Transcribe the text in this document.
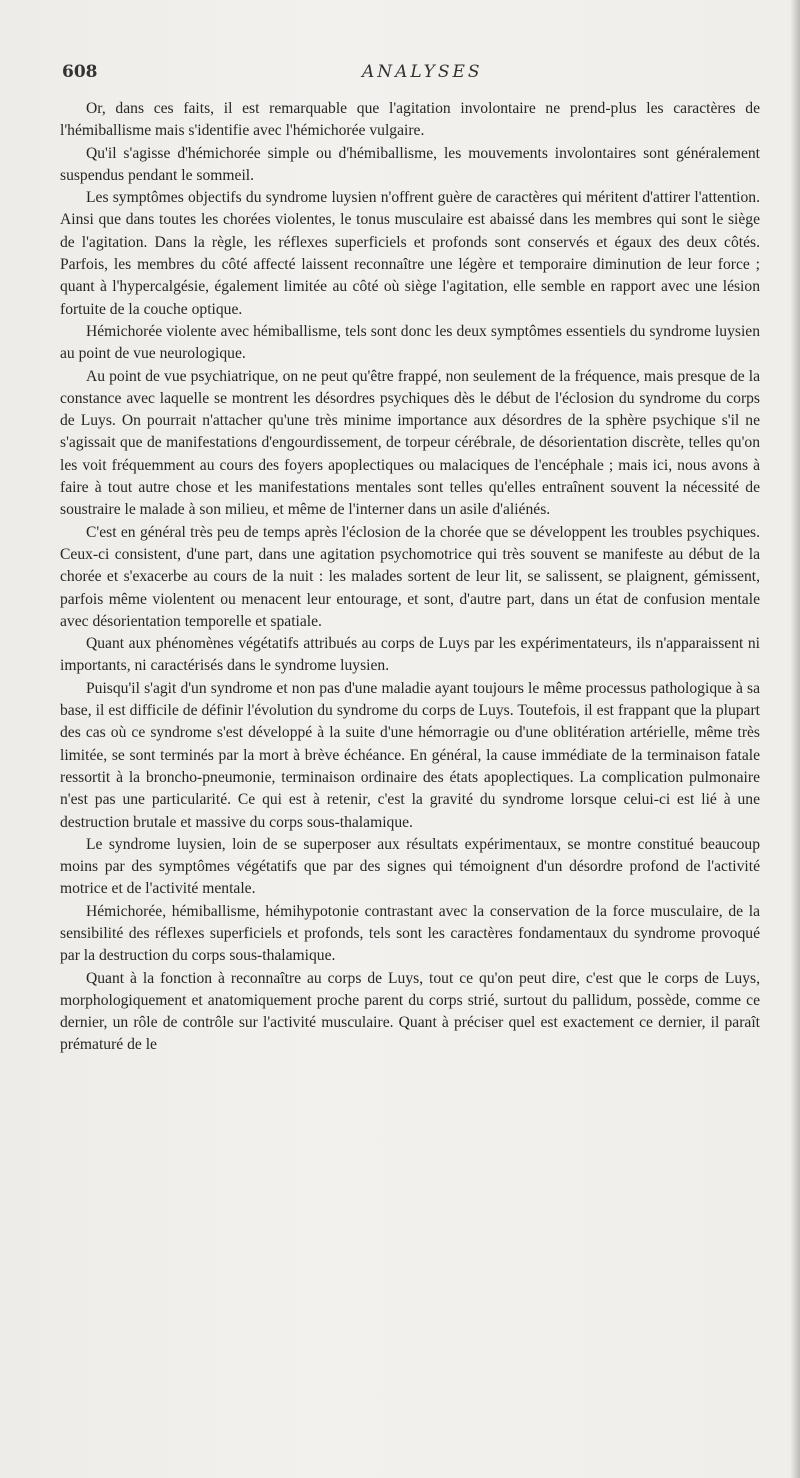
608	ANALYSES

Or, dans ces faits, il est remarquable que l'agitation involontaire ne prend-plus les caractères de l'hémiballisme mais s'identifie avec l'hémichorée vulgaire.

Qu'il s'agisse d'hémichorée simple ou d'hémiballisme, les mouvements involontaires sont généralement suspendus pendant le sommeil.

Les symptômes objectifs du syndrome luysien n'offrent guère de caractères qui méritent d'attirer l'attention. Ainsi que dans toutes les chorées violentes, le tonus musculaire est abaissé dans les membres qui sont le siège de l'agitation. Dans la règle, les réflexes superficiels et profonds sont conservés et égaux des deux côtés. Parfois, les membres du côté affecté laissent reconnaître une légère et temporaire diminution de leur force ; quant à l'hypercalgésie, également limitée au côté où siège l'agitation, elle semble en rapport avec une lésion fortuite de la couche optique.

Hémichorée violente avec hémiballisme, tels sont donc les deux symptômes essentiels du syndrome luysien au point de vue neurologique.

Au point de vue psychiatrique, on ne peut qu'être frappé, non seulement de la fréquence, mais presque de la constance avec laquelle se montrent les désordres psychiques dès le début de l'éclosion du syndrome du corps de Luys. On pourrait n'attacher qu'une très minime importance aux désordres de la sphère psychique s'il ne s'agissait que de manifestations d'engourdissement, de torpeur cérébrale, de désorientation discrète, telles qu'on les voit fréquemment au cours des foyers apoplectiques ou malaciques de l'encéphale ; mais ici, nous avons à faire à tout autre chose et les manifestations mentales sont telles qu'elles entraînent souvent la nécessité de soustraire le malade à son milieu, et même de l'interner dans un asile d'aliénés.

C'est en général très peu de temps après l'éclosion de la chorée que se développent les troubles psychiques. Ceux-ci consistent, d'une part, dans une agitation psychomotrice qui très souvent se manifeste au début de la chorée et s'exacerbe au cours de la nuit : les malades sortent de leur lit, se salissent, se plaignent, gémissent, parfois même violentent ou menacent leur entourage, et sont, d'autre part, dans un état de confusion mentale avec désorientation temporelle et spatiale.

Quant aux phénomènes végétatifs attribués au corps de Luys par les expérimentateurs, ils n'apparaissent ni importants, ni caractérisés dans le syndrome luysien.

Puisqu'il s'agit d'un syndrome et non pas d'une maladie ayant toujours le même processus pathologique à sa base, il est difficile de définir l'évolution du syndrome du corps de Luys. Toutefois, il est frappant que la plupart des cas où ce syndrome s'est développé à la suite d'une hémorragie ou d'une oblitération artérielle, même très limitée, se sont terminés par la mort à brève échéance. En général, la cause immédiate de la terminaison fatale ressortit à la broncho-pneumonie, terminaison ordinaire des états apoplectiques. La complication pulmonaire n'est pas une particularité. Ce qui est à retenir, c'est la gravité du syndrome lorsque celui-ci est lié à une destruction brutale et massive du corps sous-thalamique.

Le syndrome luysien, loin de se superposer aux résultats expérimentaux, se montre constitué beaucoup moins par des symptômes végétatifs que par des signes qui témoignent d'un désordre profond de l'activité motrice et de l'activité mentale.

Hémichorée, hémiballisme, hémihypotonie contrastant avec la conservation de la force musculaire, de la sensibilité des réflexes superficiels et profonds, tels sont les caractères fondamentaux du syndrome provoqué par la destruction du corps sous-thalamique.

Quant à la fonction à reconnaître au corps de Luys, tout ce qu'on peut dire, c'est que le corps de Luys, morphologiquement et anatomiquement proche parent du corps strié, surtout du pallidum, possède, comme ce dernier, un rôle de contrôle sur l'activité musculaire. Quant à préciser quel est exactement ce dernier, il paraît prématuré de le
